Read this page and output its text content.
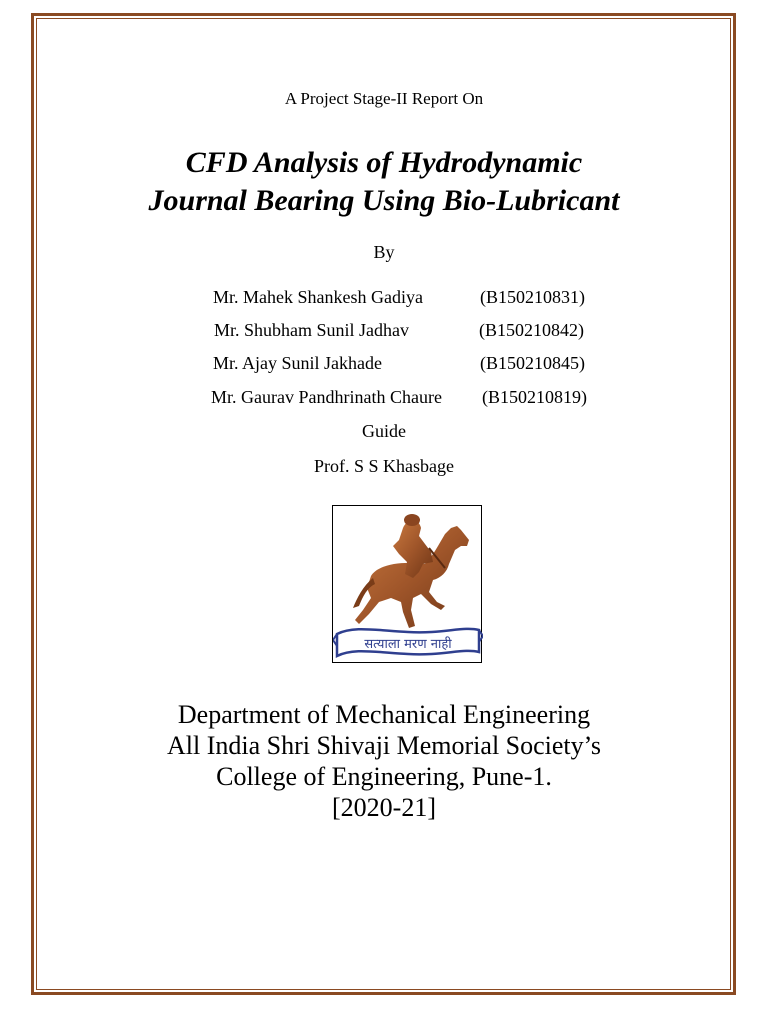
A Project Stage-II Report On
CFD Analysis of Hydrodynamic
Journal Bearing Using Bio-Lubricant
By
Mr. Mahek Shankesh Gadiya	(B150210831)
Mr. Shubham Sunil Jadhav	(B150210842)
Mr. Ajay Sunil Jakhade	(B150210845)
Mr. Gaurav Pandhrinath Chaure (B150210819)
Guide
Prof. S S Khasbage
सत्याला मरण नाही
Department of Mechanical Engineering
All India Shri Shivaji Memorial Society’s
College of Engineering, Pune-1.
[2020-21]
